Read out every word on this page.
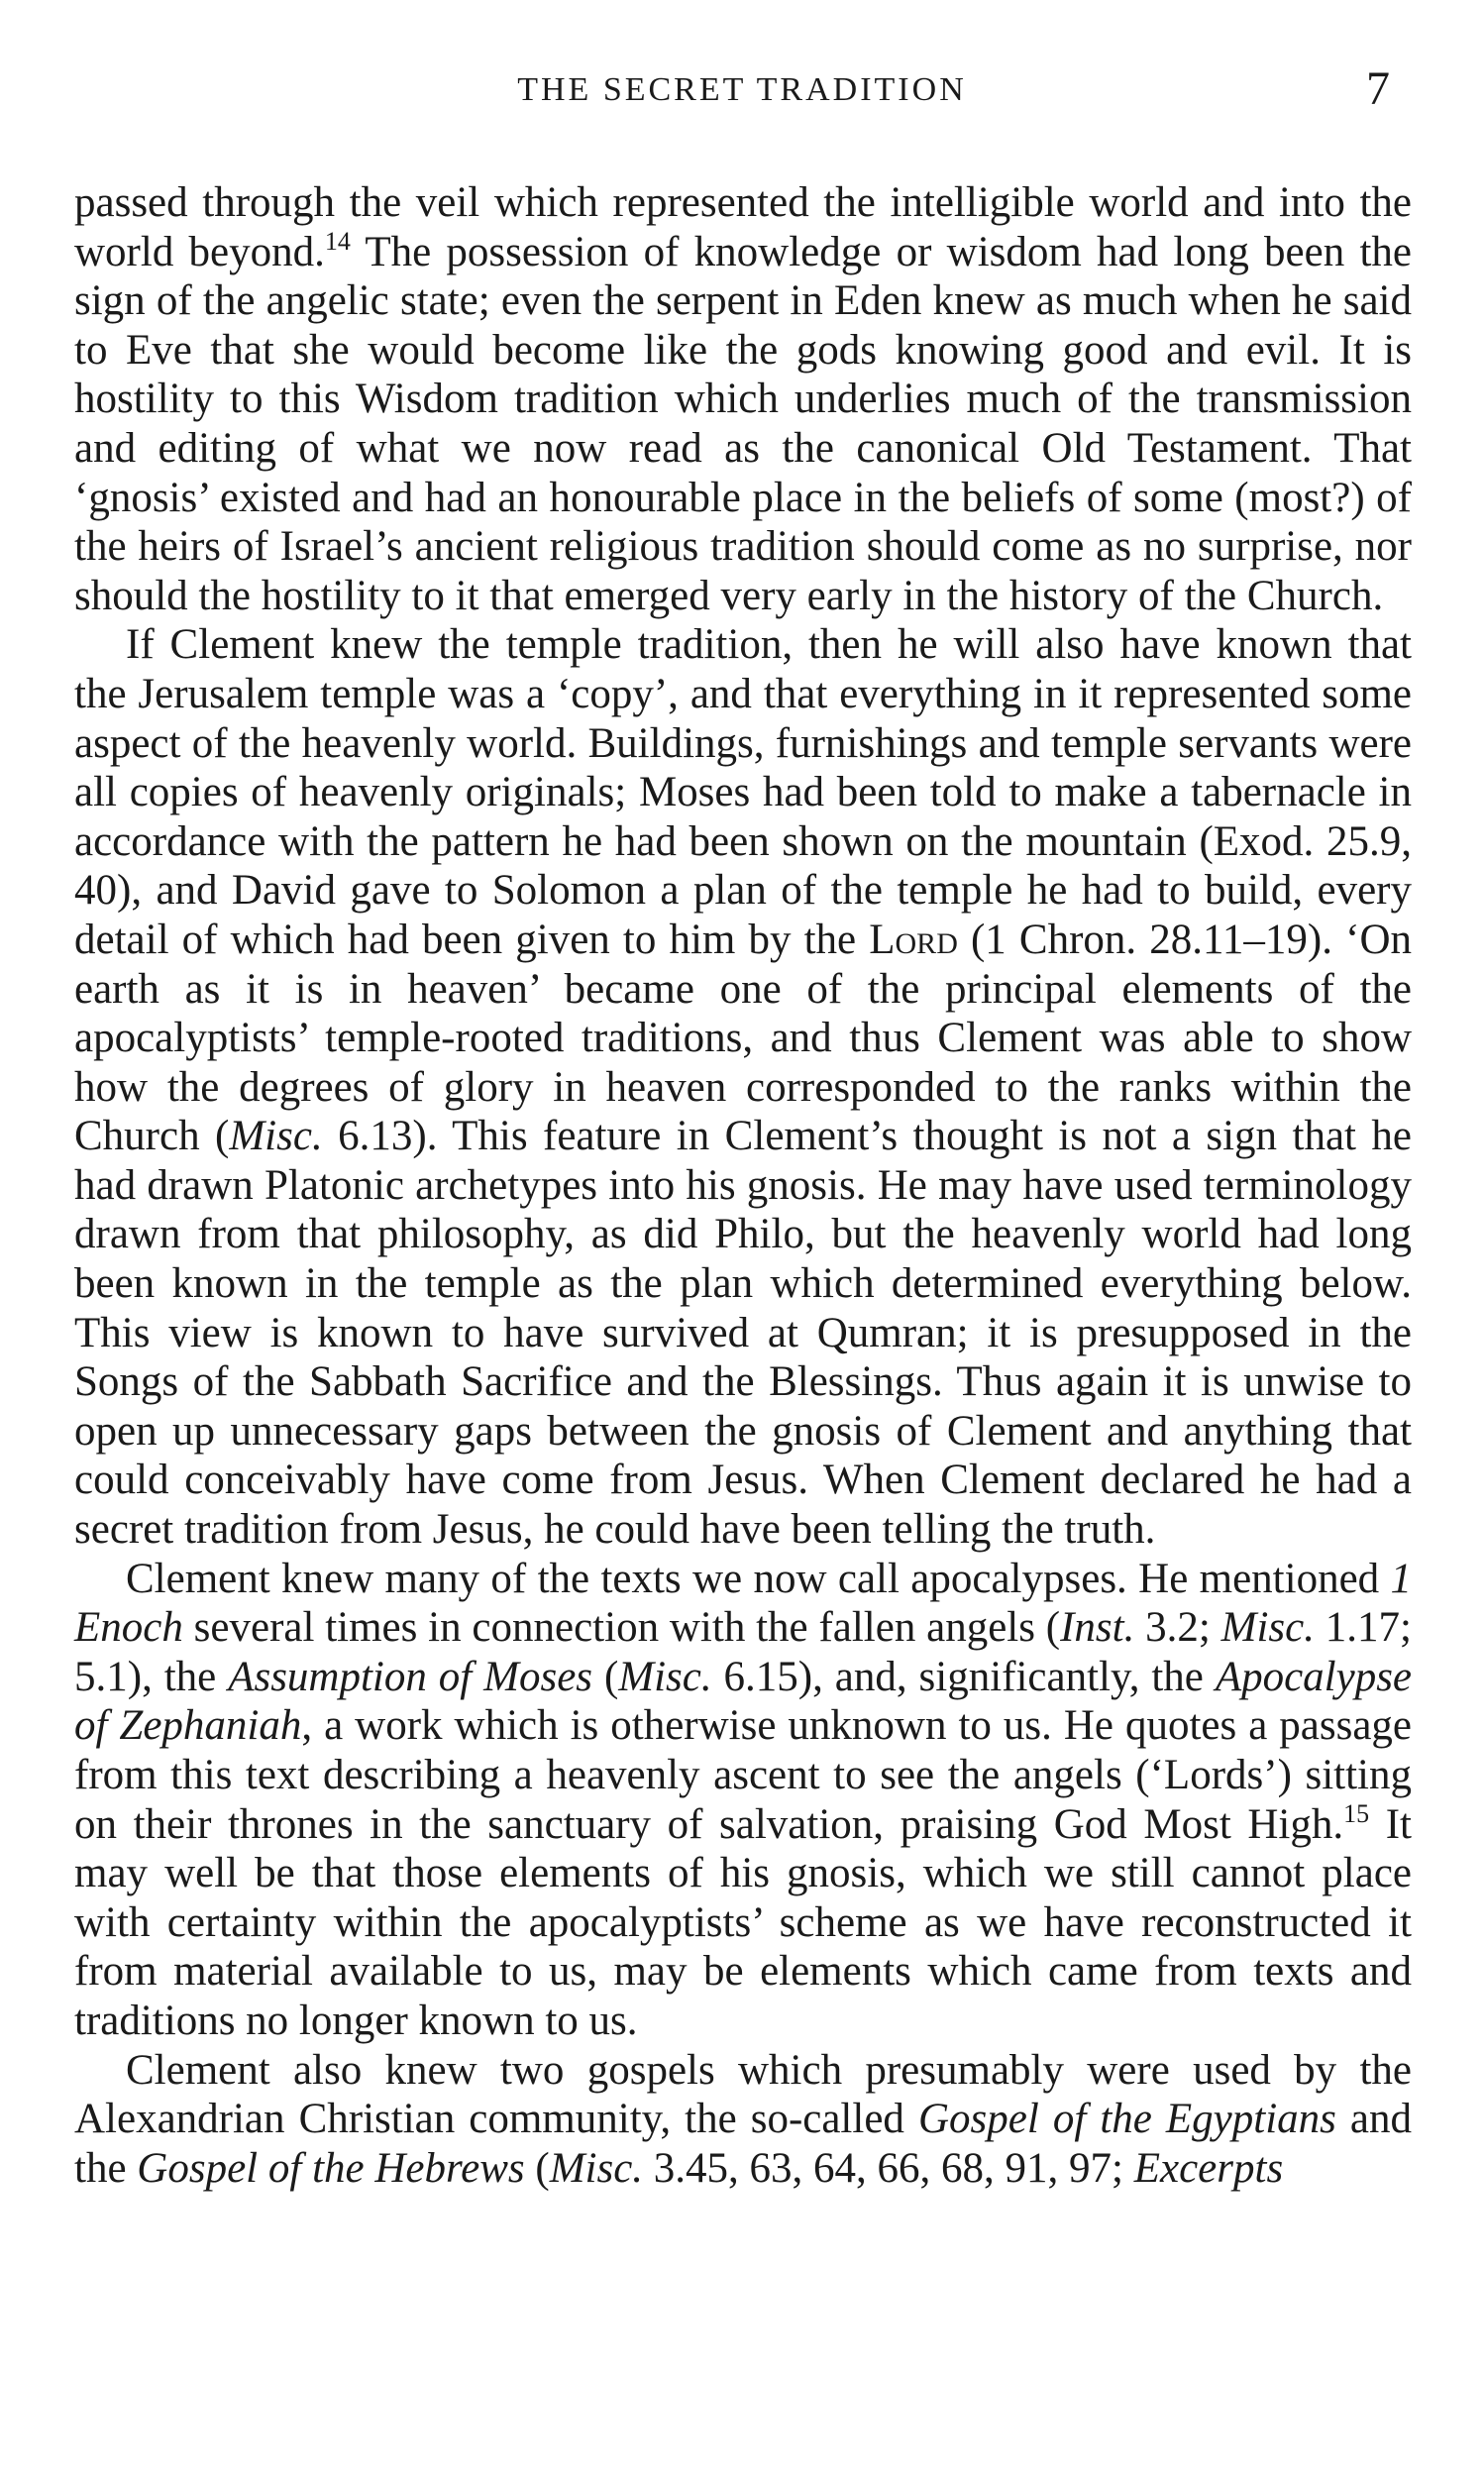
THE SECRET TRADITION	7

passed through the veil which represented the intelligible world and into the world beyond.$^{14}$ The possession of knowledge or wisdom had long been the sign of the angelic state; even the serpent in Eden knew as much when he said to Eve that she would become like the gods knowing good and evil. It is hostility to this Wisdom tradition which underlies much of the transmission and editing of what we now read as the canonical Old Testament. That ‘gnosis’ existed and had an honourable place in the beliefs of some (most?) of the heirs of Israel’s ancient religious tradition should come as no surprise, nor should the hostility to it that emerged very early in the history of the Church.

If Clement knew the temple tradition, then he will also have known that the Jerusalem temple was a ‘copy’, and that everything in it represented some aspect of the heavenly world. Buildings, furnishings and temple servants were all copies of heavenly originals; Moses had been told to make a tabernacle in accordance with the pattern he had been shown on the mountain (Exod. 25.9, 40), and David gave to Solomon a plan of the temple he had to build, every detail of which had been given to him by the Lord (1 Chron. 28.11–19). ‘On earth as it is in heaven’ became one of the principal elements of the apocalyptists’ temple-rooted traditions, and thus Clement was able to show how the degrees of glory in heaven corresponded to the ranks within the Church (Misc. 6.13). This feature in Clement’s thought is not a sign that he had drawn Platonic archetypes into his gnosis. He may have used terminology drawn from that philosophy, as did Philo, but the heavenly world had long been known in the temple as the plan which determined everything below. This view is known to have survived at Qumran; it is presupposed in the Songs of the Sabbath Sacrifice and the Blessings. Thus again it is unwise to open up unnecessary gaps between the gnosis of Clement and anything that could conceivably have come from Jesus. When Clement declared he had a secret tradition from Jesus, he could have been telling the truth.

Clement knew many of the texts we now call apocalypses. He mentioned 1 Enoch several times in connection with the fallen angels (Inst. 3.2; Misc. 1.17; 5.1), the Assumption of Moses (Misc. 6.15), and, significantly, the Apocalypse of Zephaniah, a work which is otherwise unknown to us. He quotes a passage from this text describing a heavenly ascent to see the angels (‘Lords’) sitting on their thrones in the sanctuary of salvation, praising God Most High.$^{15}$ It may well be that those elements of his gnosis, which we still cannot place with certainty within the apocalyptists’ scheme as we have reconstructed it from material available to us, may be elements which came from texts and traditions no longer known to us.

Clement also knew two gospels which presumably were used by the Alexandrian Christian community, the so-called Gospel of the Egyptians and the Gospel of the Hebrews (Misc. 3.45, 63, 64, 66, 68, 91, 97; Excerpts
